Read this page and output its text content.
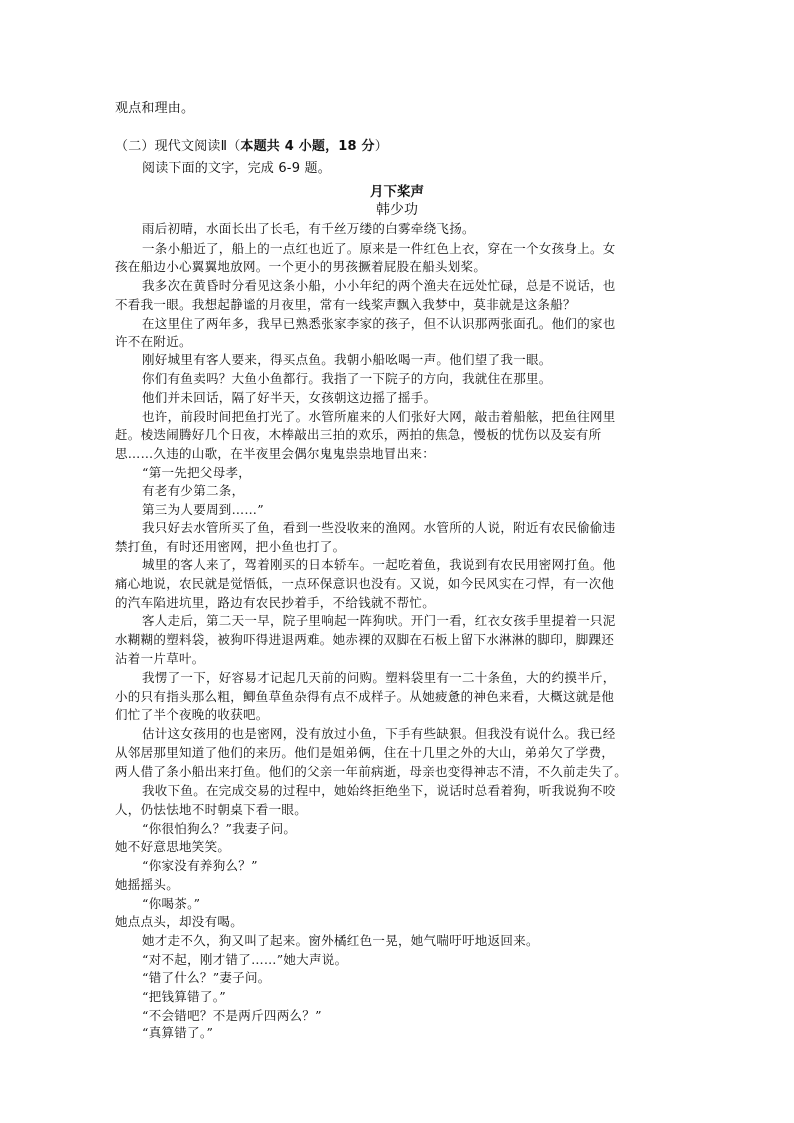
观点和理由。
（二）现代文阅读Ⅱ（本题共 4 小题，18 分）
阅读下面的文字，完成 6-9 题。
月下桨声
韩少功
雨后初晴，水面长出了长毛，有千丝万缕的白雾牵绕飞扬。
一条小船近了，船上的一点红也近了。原来是一件红色上衣，穿在一个女孩身上。女
孩在船边小心翼翼地放网。一个更小的男孩撅着屁股在船头划桨。
我多次在黄昏时分看见这条小船，小小年纪的两个渔夫在远处忙碌，总是不说话，也
不看我一眼。我想起静谧的月夜里，常有一线桨声飘入我梦中，莫非就是这条船？
在这里住了两年多，我早已熟悉张家李家的孩子，但不认识那两张面孔。他们的家也
许不在附近。
刚好城里有客人要来，得买点鱼。我朝小船吆喝一声。他们望了我一眼。
你们有鱼卖吗？大鱼小鱼都行。我指了一下院子的方向，我就住在那里。
他们并未回话，隔了好半天，女孩朝这边摇了摇手。
也许，前段时间把鱼打光了。水管所雇来的人们张好大网，敲击着船舷，把鱼往网里
赶。棱迭闹腾好几个日夜，木棒敲出三拍的欢乐，两拍的焦急，慢板的忧伤以及妄有所
思……久违的山歌，在半夜里会偶尔鬼鬼祟祟地冒出来：
“第一先把父母孝，
有老有少第二条，
第三为人要周到……”
我只好去水管所买了鱼，看到一些没收来的渔网。水管所的人说，附近有农民偷偷违
禁打鱼，有时还用密网，把小鱼也打了。
城里的客人来了，驾着刚买的日本轿车。一起吃着鱼，我说到有农民用密网打鱼。他
痛心地说，农民就是觉悟低，一点环保意识也没有。又说，如今民风实在刁悍，有一次他
的汽车陷进坑里，路边有农民抄着手，不给钱就不帮忙。
客人走后，第二天一早，院子里响起一阵狗吠。开门一看，红衣女孩手里提着一只泥
水糊糊的塑料袋，被狗吓得进退两难。她赤裸的双脚在石板上留下水淋淋的脚印，脚踝还
沾着一片草叶。
我愣了一下，好容易才记起几天前的问购。塑料袋里有一二十条鱼，大的约摸半斤，
小的只有指头那么粗，鲫鱼草鱼杂得有点不成样子。从她疲惫的神色来看，大概这就是他
们忙了半个夜晚的收获吧。
估计这女孩用的也是密网，没有放过小鱼，下手有些缺狠。但我没有说什么。我已经
从邻居那里知道了他们的来历。他们是姐弟俩，住在十几里之外的大山，弟弟欠了学费，
两人借了条小船出来打鱼。他们的父亲一年前病逝，母亲也变得神志不清，不久前走失了。
我收下鱼。在完成交易的过程中，她始终拒绝坐下，说话时总看着狗，听我说狗不咬
人，仍怯怯地不时朝桌下看一眼。
“你很怕狗么？”我妻子问。
她不好意思地笑笑。
“你家没有养狗么？”
她摇摇头。
“你喝茶。”
她点点头，却没有喝。
她才走不久，狗又叫了起来。窗外橘红色一晃，她气喘吁吁地返回来。
“对不起，刚才错了……”她大声说。
“错了什么？”妻子问。
“把钱算错了。”
“不会错吧？不是两斤四两么？”
“真算错了。”
